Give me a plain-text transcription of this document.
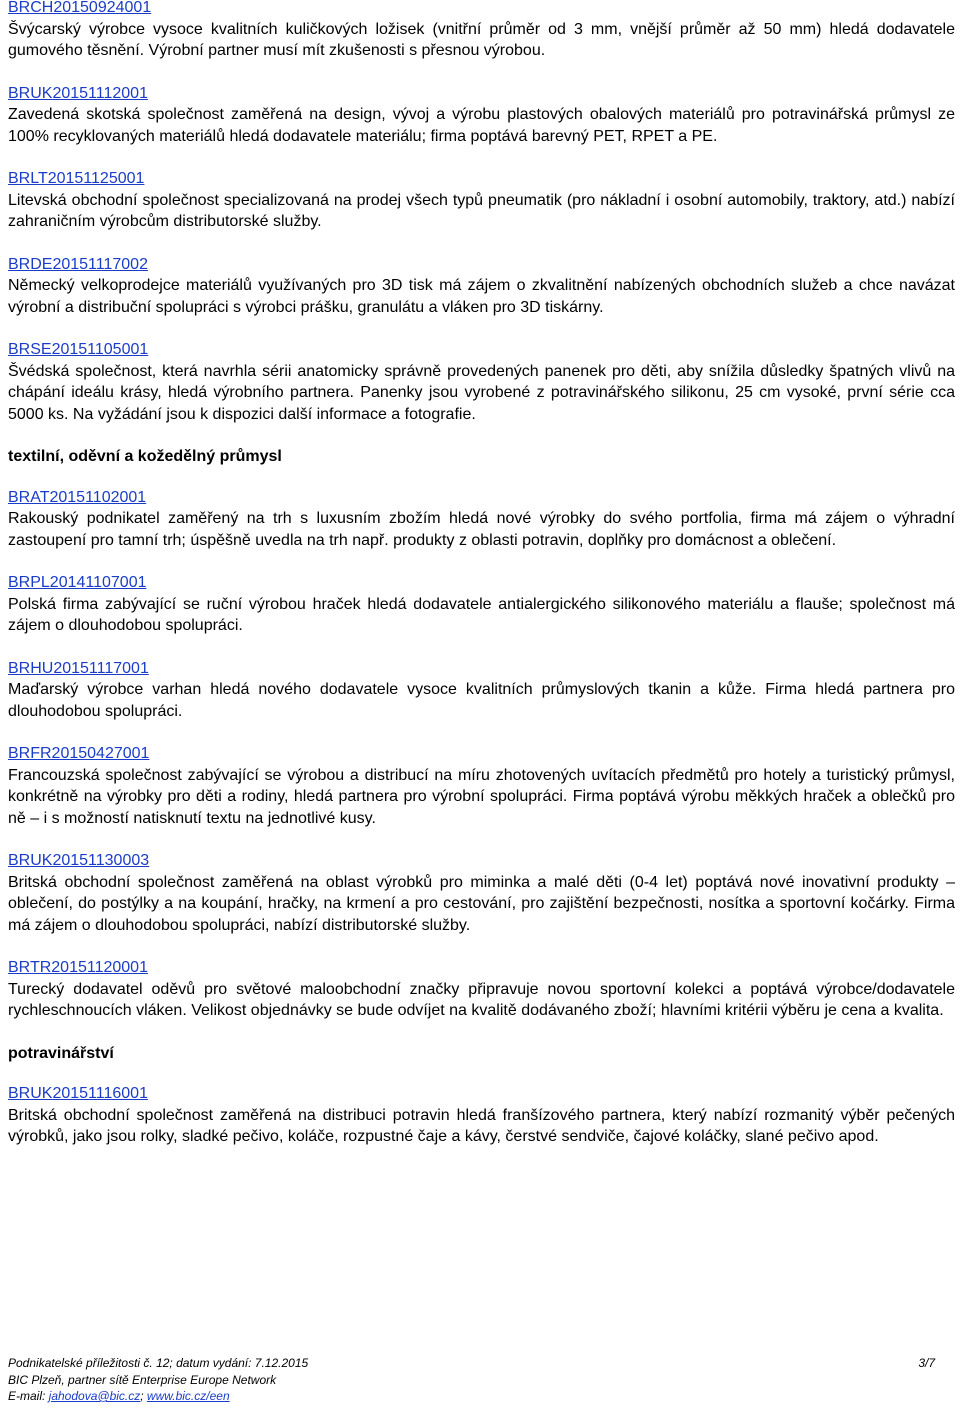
BRCH20150924001

Švýcarský výrobce vysoce kvalitních kuličkových ložisek (vnitřní průměr od 3 mm, vnější průměr až 50 mm) hledá dodavatele gumového těsnění. Výrobní partner musí mít zkušenosti s přesnou výrobou.

BRUK20151112001

Zavedená skotská společnost zaměřená na design, vývoj a výrobu plastových obalových materiálů pro potravinářská průmysl ze 100% recyklovaných materiálů hledá dodavatele materiálu; firma poptává barevný PET, RPET a PE.

BRLT20151125001

Litevská obchodní společnost specializovaná na prodej všech typů pneumatik (pro nákladní i osobní automobily, traktory, atd.) nabízí zahraničním výrobcům distributorské služby.

BRDE20151117002

Německý velkoprodejce materiálů využívaných pro 3D tisk má zájem o zkvalitnění nabízených obchodních služeb a chce navázat výrobní a distribuční spolupráci s výrobci prášku, granulátu a vláken pro 3D tiskárny.

BRSE20151105001

Švédská společnost, která navrhla sérii anatomicky správně provedených panenek pro děti, aby snížila důsledky špatných vlivů na chápání ideálu krásy, hledá výrobního partnera. Panenky jsou vyrobené z potravinářského silikonu, 25 cm vysoké, první série cca 5000 ks. Na vyžádání jsou k dispozici další informace a fotografie.

textilní, oděvní a kožedělný průmysl
BRAT20151102001

Rakouský podnikatel zaměřený na trh s luxusním zbožím hledá nové výrobky do svého portfolia, firma má zájem o výhradní zastoupení pro tamní trh; úspěšně uvedla na trh např. produkty z oblasti potravin, doplňky pro domácnost a oblečení.

BRPL20141107001

Polská firma zabývající se ruční výrobou hraček hledá dodavatele antialergického silikonového materiálu a flauše; společnost má zájem o dlouhodobou spolupráci.

BRHU20151117001

Maďarský výrobce varhan hledá nového dodavatele vysoce kvalitních průmyslových tkanin a kůže. Firma hledá partnera pro dlouhodobou spolupráci.

BRFR20150427001

Francouzská společnost zabývající se výrobou a distribucí na míru zhotovených uvítacích předmětů pro hotely a turistický průmysl, konkrétně na výrobky pro děti a rodiny, hledá partnera pro výrobní spolupráci. Firma poptává výrobu měkkých hraček a oblečků pro ně – i s možností natisknutí textu na jednotlivé kusy.

BRUK20151130003

Britská obchodní společnost zaměřená na oblast výrobků pro miminka a malé děti (0-4 let) poptává nové inovativní produkty – oblečení, do postýlky a na koupání, hračky, na krmení a pro cestování, pro zajištění bezpečnosti, nosítka a sportovní kočárky. Firma má zájem o dlouhodobou spolupráci, nabízí distributorské služby.

BRTR20151120001

Turecký dodavatel oděvů pro světové maloobchodní značky připravuje novou sportovní kolekci a poptává výrobce/dodavatele rychleschnoucích vláken. Velikost objednávky se bude odvíjet na kvalitě dodávaného zboží; hlavními kritérii výběru je cena a kvalita.

potravinářství
BRUK20151116001

Britská obchodní společnost zaměřená na distribuci potravin hledá franšízového partnera, který nabízí rozmanitý výběr pečených výrobků, jako jsou rolky, sladké pečivo, koláče, rozpustné čaje a kávy, čerstvé sendviče, čajové koláčky, slané pečivo apod.

Podnikatelské příležitosti č. 12; datum vydání: 7.12.2015	3/7
BIC Plzeň, partner sítě Enterprise Europe Network
E-mail: jahodova@bic.cz; www.bic.cz/een
